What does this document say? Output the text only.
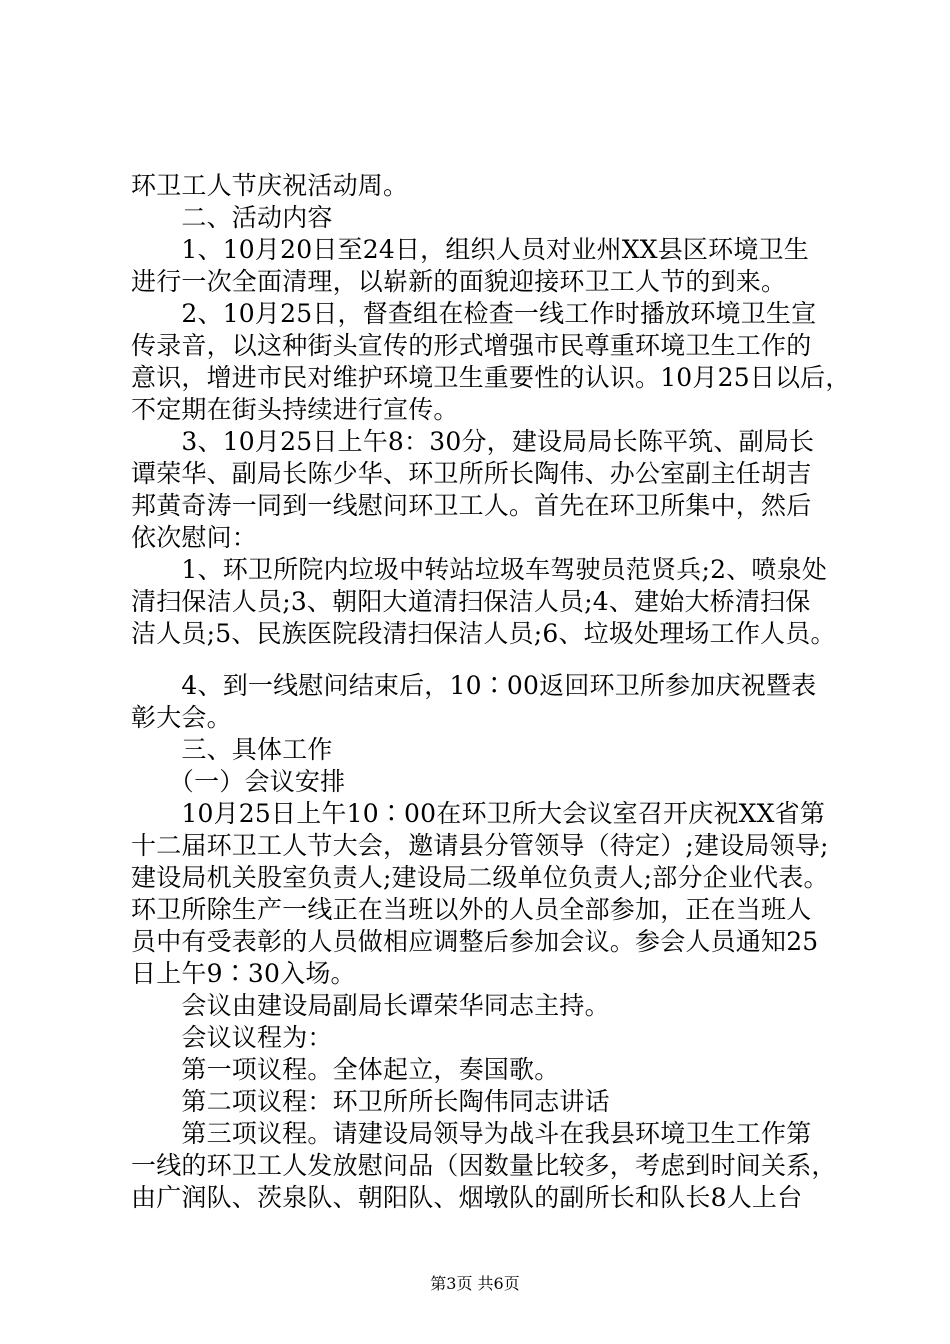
环卫工人节庆祝活动周。
　　二、活动内容
　　1、10月20日至24日，组织人员对业州XX县区环境卫生
进行一次全面清理，以崭新的面貌迎接环卫工人节的到来。
　　2、10月25日，督查组在检查一线工作时播放环境卫生宣
传录音，以这种街头宣传的形式增强市民尊重环境卫生工作的
意识，增进市民对维护环境卫生重要性的认识。10月25日以后，
不定期在街头持续进行宣传。
　　3、10月25日上午8：30分，建设局局长陈平筑、副局长
谭荣华、副局长陈少华、环卫所所长陶伟、办公室副主任胡吉
邦黄奇涛一同到一线慰问环卫工人。首先在环卫所集中，然后
依次慰问：
　　1、环卫所院内垃圾中转站垃圾车驾驶员范贤兵;2、喷泉处
清扫保洁人员;3、朝阳大道清扫保洁人员;4、建始大桥清扫保
洁人员;5、民族医院段清扫保洁人员;6、垃圾处理场工作人员。
　　4、到一线慰问结束后，10∶00返回环卫所参加庆祝暨表
彰大会。
　　三、具体工作
　　（一）会议安排
　　10月25日上午10∶00在环卫所大会议室召开庆祝XX省第
十二届环卫工人节大会，邀请县分管领导（待定）;建设局领导;
建设局机关股室负责人;建设局二级单位负责人;部分企业代表。
环卫所除生产一线正在当班以外的人员全部参加，正在当班人
员中有受表彰的人员做相应调整后参加会议。参会人员通知25
日上午9∶30入场。
　　会议由建设局副局长谭荣华同志主持。
　　会议议程为：
　　第一项议程。全体起立，奏国歌。
　　第二项议程：环卫所所长陶伟同志讲话
　　第三项议程。请建设局领导为战斗在我县环境卫生工作第
一线的环卫工人发放慰问品（因数量比较多，考虑到时间关系，
由广润队、茨泉队、朝阳队、烟墩队的副所长和队长8人上台
第3页 共6页
